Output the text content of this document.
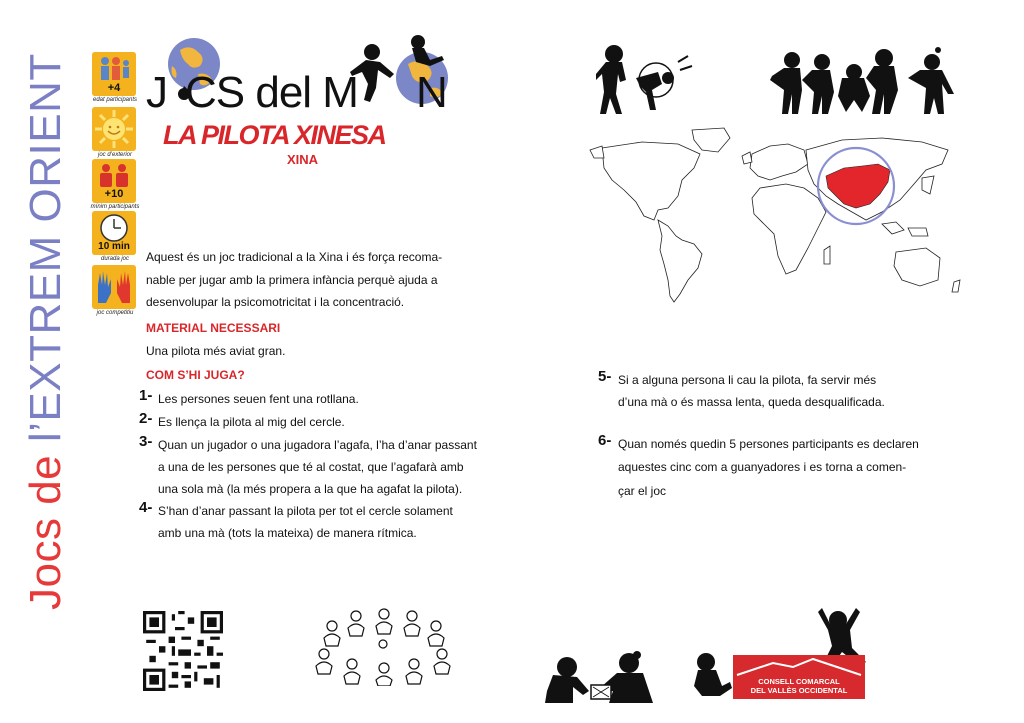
Jocs de l’EXTREM ORIENT	+4
edat participants
joc d’exterior
+10
mínim participants
10 min
durada joc
joc competitiu
J CS del M N
LA PILOTA XINESA
XINA
Aquest és un joc tradicional a la Xina i és força recoma-
nable per jugar amb la primera infància perquè ajuda a
desenvolupar la psicomotricitat i la concentració.
MATERIAL NECESSARI
Una pilota més aviat gran.
COM S’HI JUGA?
1- Les persones seuen fent una rotllana.
2- Es llença la pilota al mig del cercle.
3- Quan un jugador o una jugadora l’agafa, l’ha d’anar passant
a una de les persones que té al costat, que l’agafarà amb
una sola mà (la més propera a la que ha agafat la pilota).
4- S’han d’anar passant la pilota per tot el cercle solament
amb una mà (tots la mateixa) de manera rítmica.
5- Si a alguna persona li cau la pilota, fa servir més
d’una mà o és massa lenta, queda desqualificada.
6- Quan només quedin 5 persones participants es declaren
aquestes cinc com a guanyadores i es torna a comen-
çar el joc
CONSELL COMARCAL
DEL VALLÈS OCCIDENTAL
